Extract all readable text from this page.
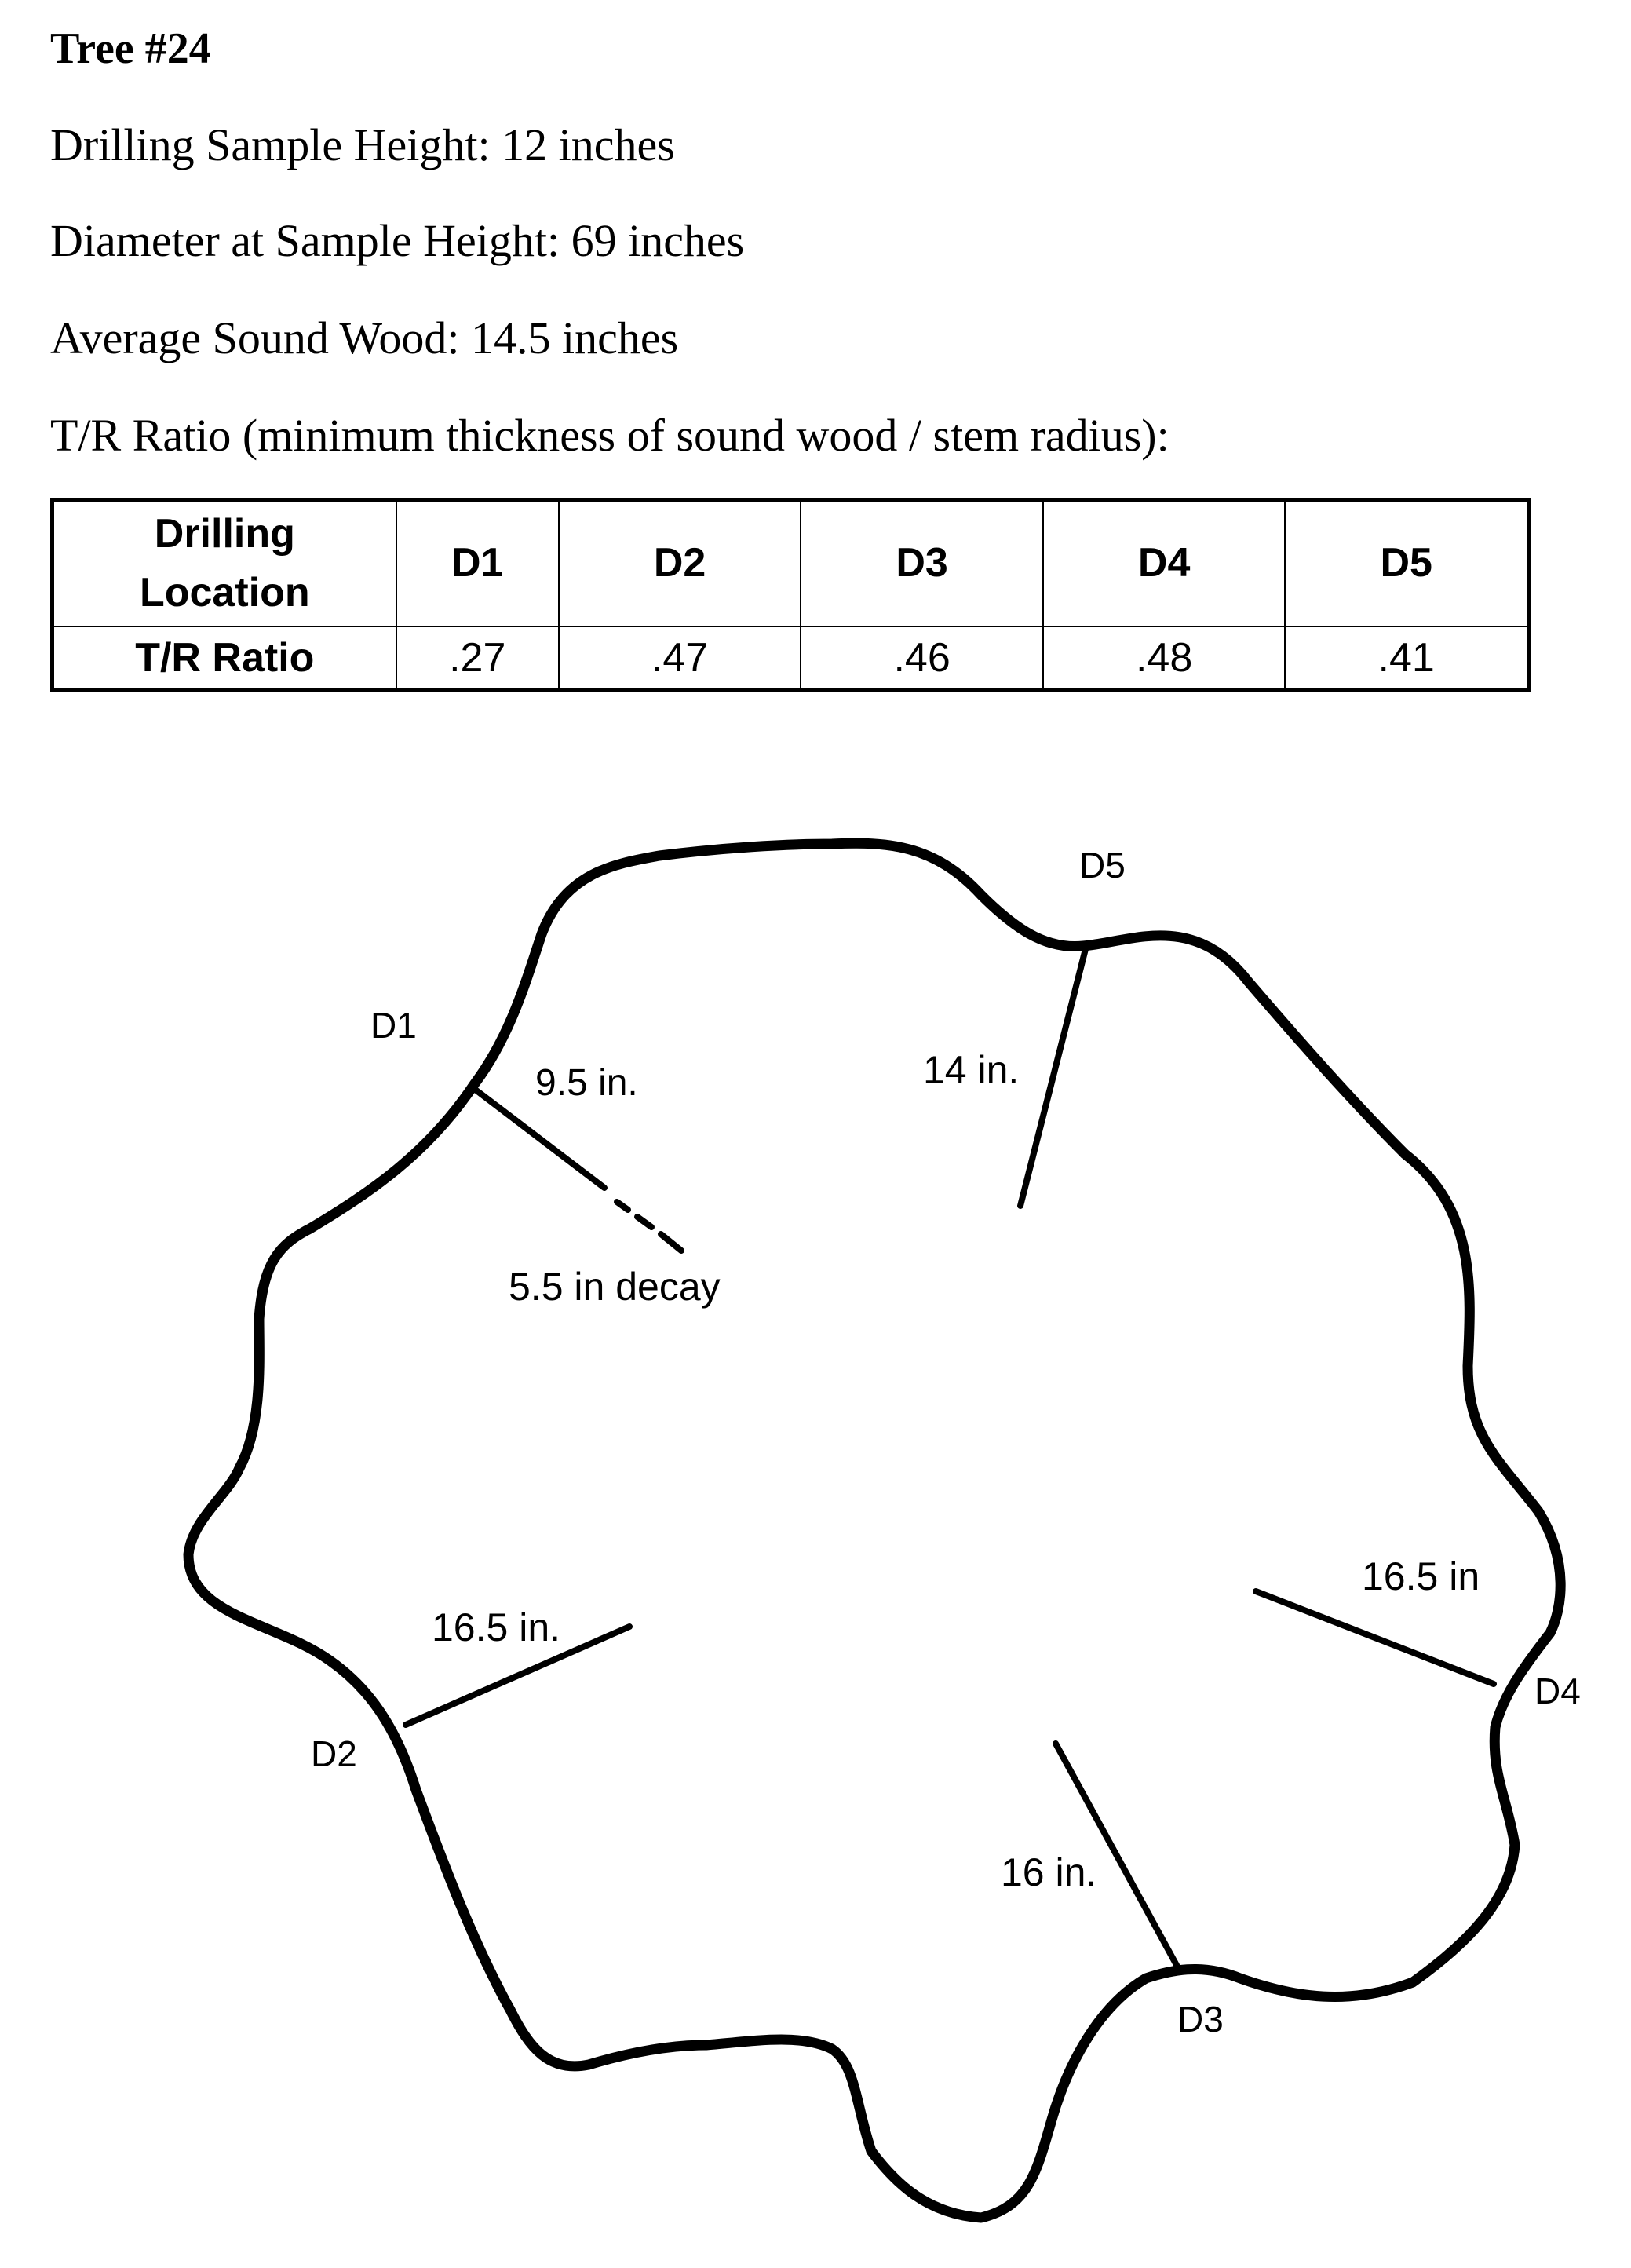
Tree #24
Drilling Sample Height: 12 inches
Diameter at Sample Height: 69 inches
Average Sound Wood: 14.5 inches
T/R Ratio (minimum thickness of sound wood / stem radius):
Drilling
Location	D1	D2	D3	D4	D5
T/R Ratio	.27	.47	.46	.48	.41
D1
D2
D3
D4
D5
9.5 in.
5.5 in decay
14 in.
16.5 in.
16.5 in
16 in.
